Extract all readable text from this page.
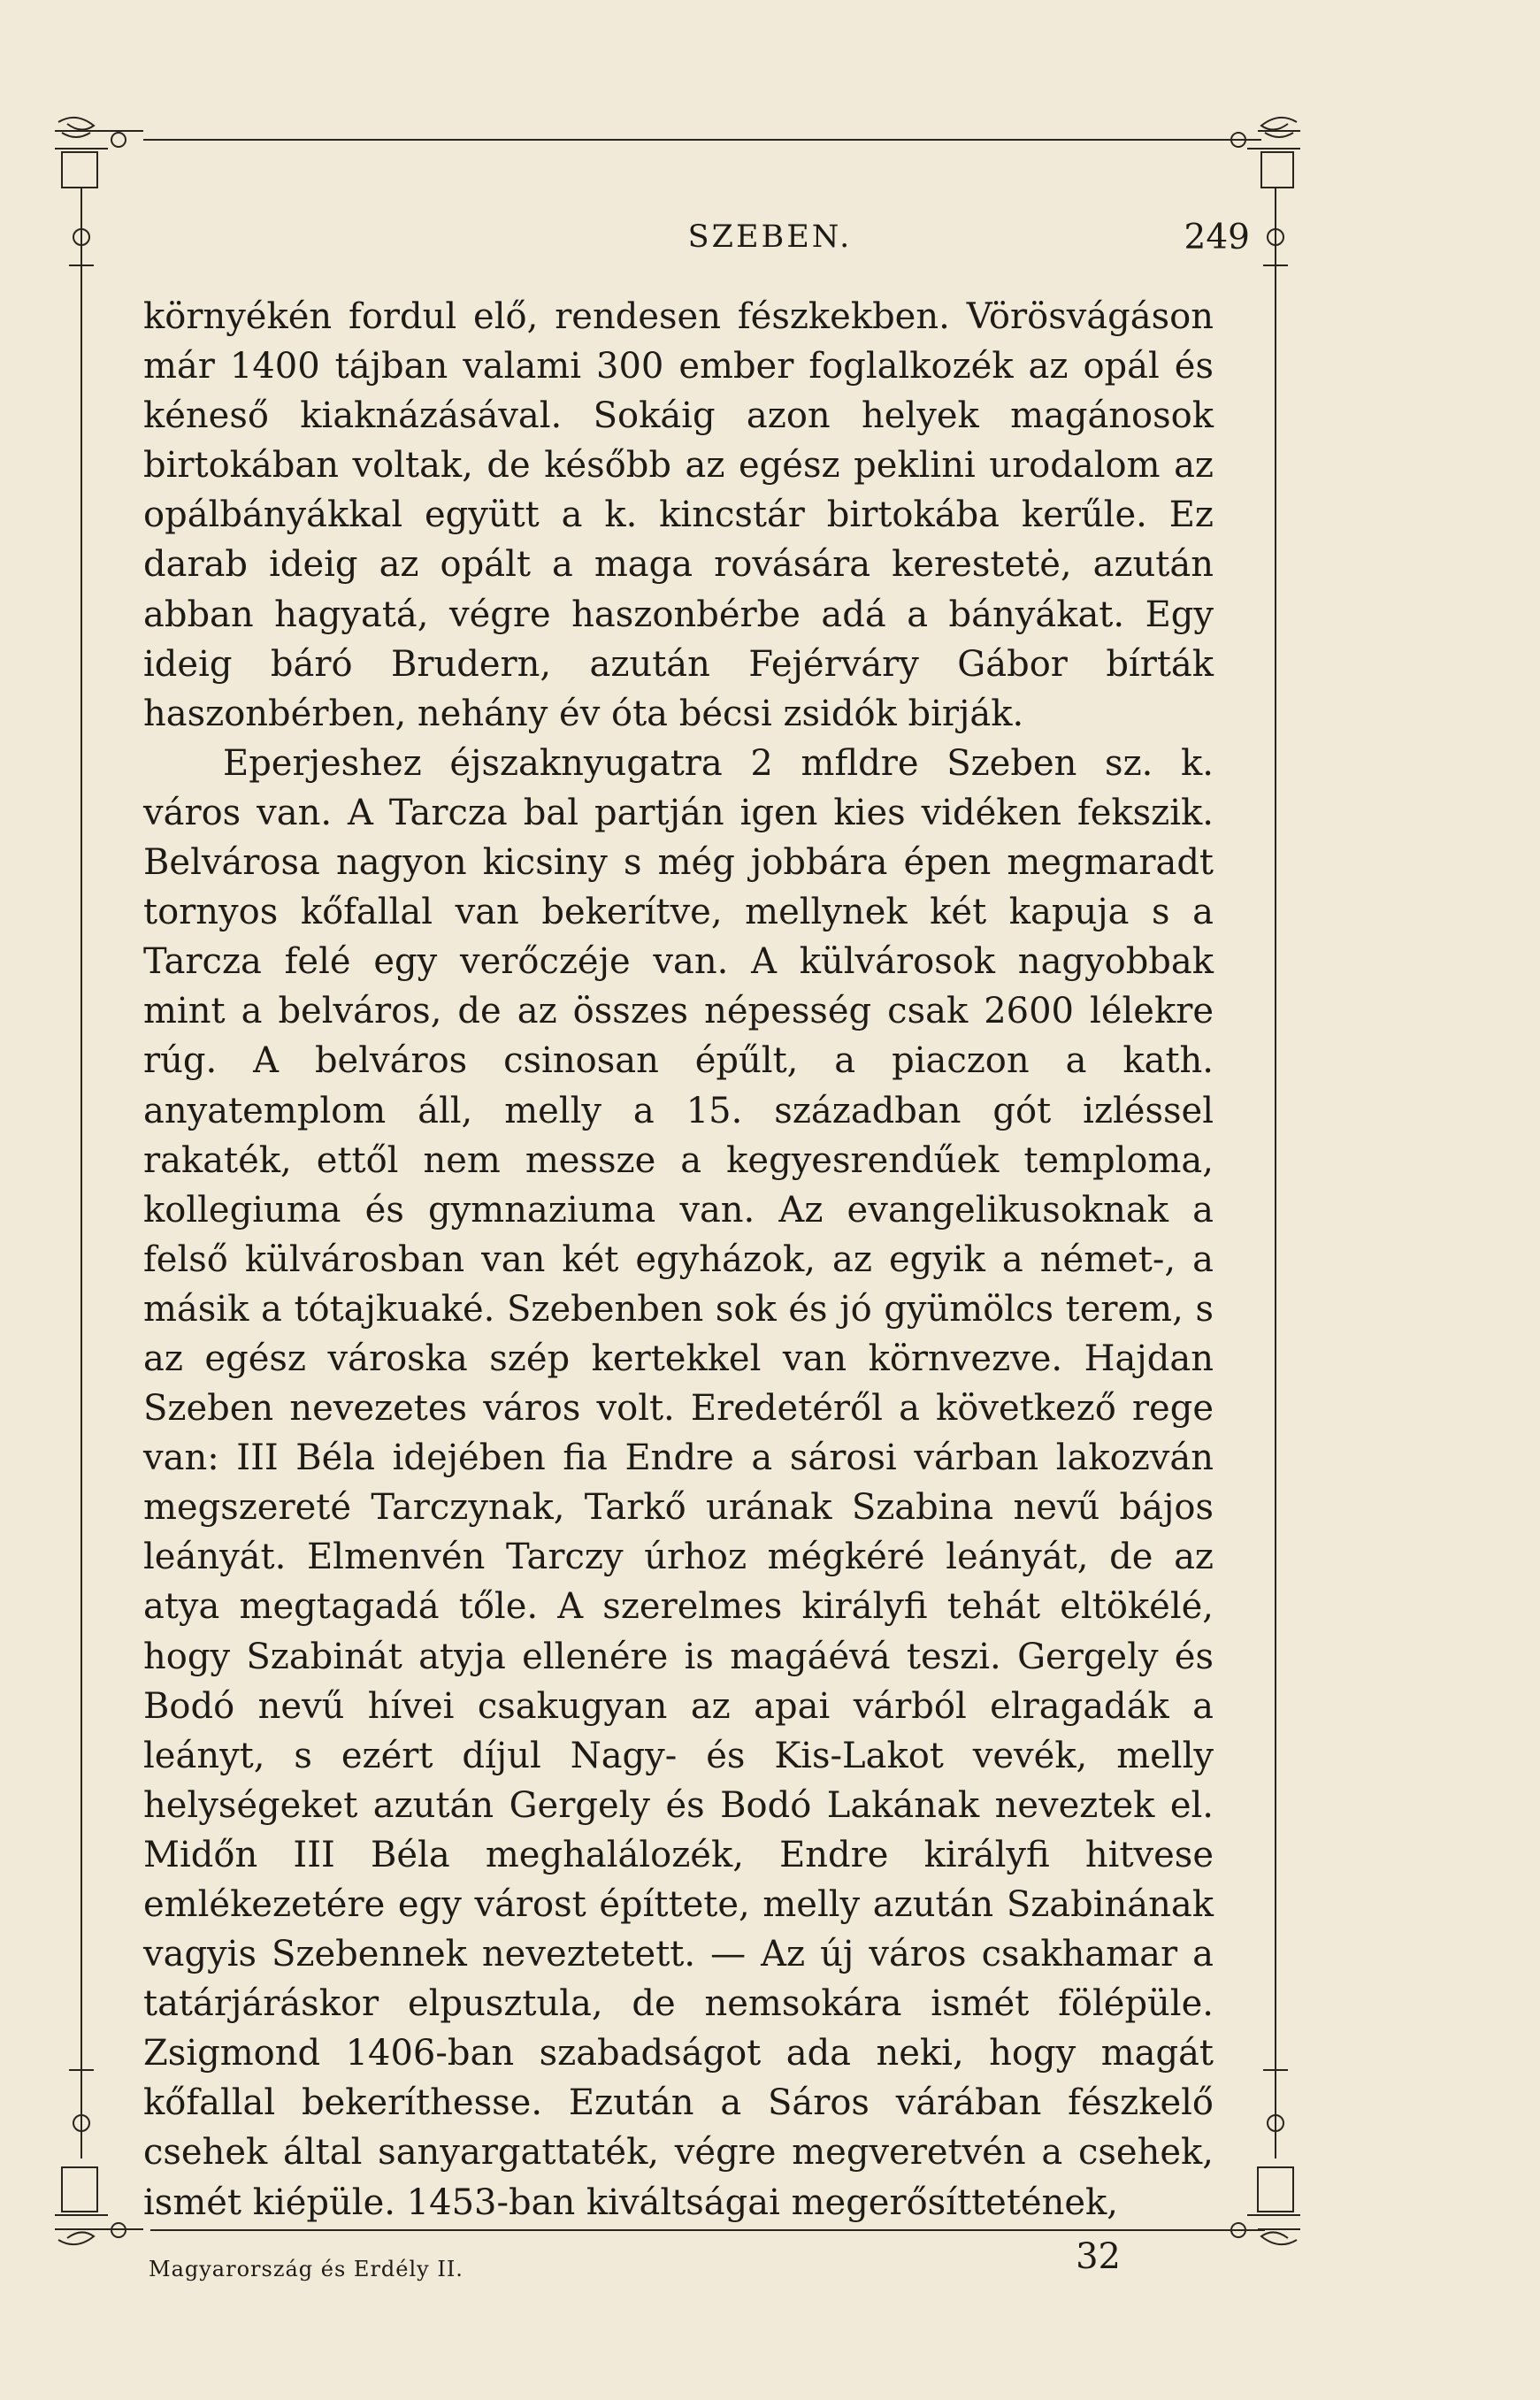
SZEBEN.	249

környékén fordul elő, rendesen fészkekben. Vörösvágáson már 1400 tájban valami 300 ember foglalkozék az opál és kéneső kiaknázásával. Sokáig azon helyek magánosok birtokában voltak, de később az egész peklini urodalom az opálbányákkal együtt a k. kincstár birtokába kerűle. Ez darab ideig az opált a maga rovására kerestetė, azután abban hagyatá, végre haszonbérbe adá a bányákat. Egy ideig báró Brudern, azután Fejérváry Gábor bírták haszonbérben, nehány év óta bécsi zsidók birják.

Eperjeshez éjszaknyugatra 2 mfldre Szeben sz. k. város van. A Tarcza bal partján igen kies vidéken fekszik. Belvárosa nagyon kicsiny s még jobbára épen megmaradt tornyos kőfallal van bekerítve, mellynek két kapuja s a Tarcza felé egy verőczéje van. A külvárosok nagyobbak mint a belváros, de az összes népesség csak 2600 lélekre rúg. A belváros csinosan épűlt, a piaczon a kath. anyatemplom áll, melly a 15. században gót izléssel rakaték, ettől nem messze a kegyesrendűek temploma, kollegiuma és gymnaziuma van. Az evangelikusoknak a felső külvárosban van két egyházok, az egyik a német-, a másik a tótajkuaké. Szebenben sok és jó gyümölcs terem, s az egész városka szép kertekkel van körnvezve. Hajdan Szeben nevezetes város volt. Eredetéről a következő rege van: III Béla idejében fia Endre a sárosi várban lakozván megszereté Tarczynak, Tarkő urának Szabina nevű bájos leányát. Elmenvén Tarczy úrhoz mégkéré leányát, de az atya megtagadá tőle. A szerelmes királyfi tehát eltökélé, hogy Szabinát atyja ellenére is magáévá teszi. Gergely és Bodó nevű hívei csakugyan az apai várból elragadák a leányt, s ezért díjul Nagy- és Kis-Lakot vevék, melly helységeket azután Gergely és Bodó Lakának neveztek el. Midőn III Béla meghalálozék, Endre királyfi hitvese emlékezetére egy várost építtete, melly azután Szabinának vagyis Szebennek neveztetett. — Az új város csakhamar a tatárjáráskor elpusztula, de nemsokára ismét fölépüle. Zsigmond 1406-ban szabadságot ada neki, hogy magát kőfallal bekeríthesse. Ezután a Sáros várában fészkelő csehek által sanyargattaték, végre megveretvén a csehek, ismét kiépüle. 1453-ban kiváltságai megerősíttetének,

Magyarország és Erdély II.	32
